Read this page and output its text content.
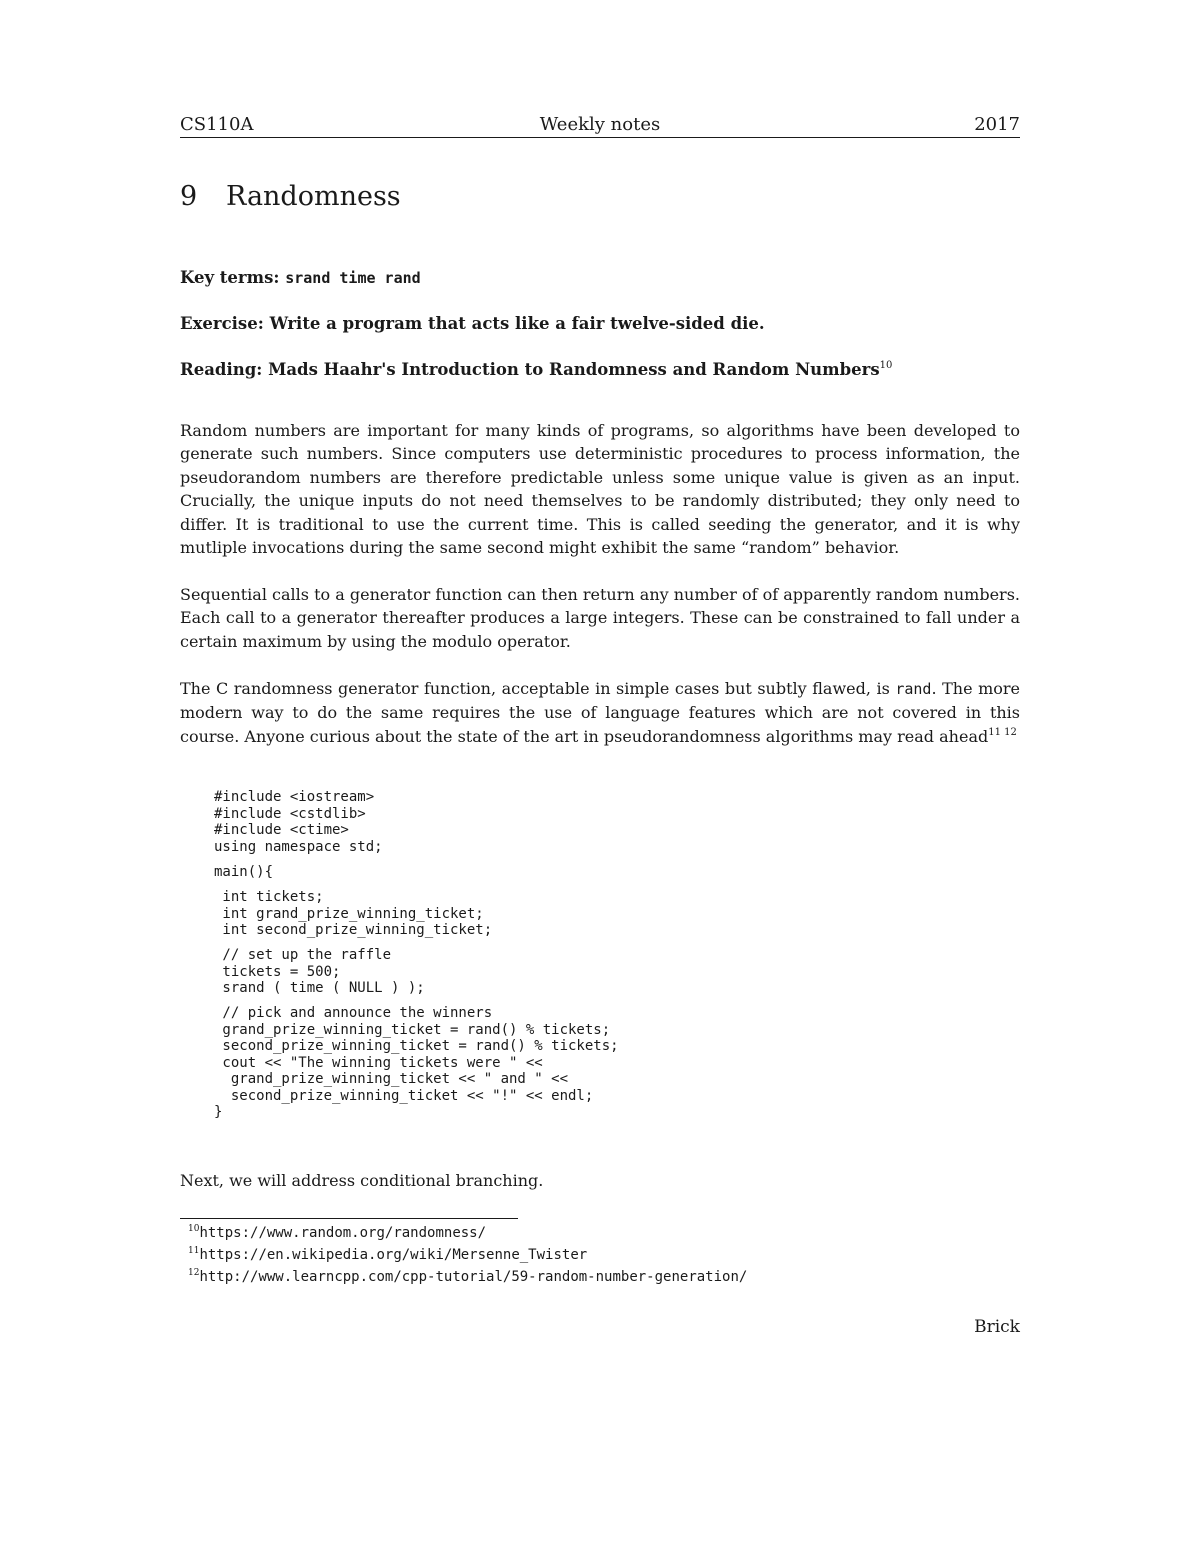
CS110A	Weekly notes	2017
9 Randomness

Key terms: srand time rand

Exercise: Write a program that acts like a fair twelve-sided die.

Reading: Mads Haahr's Introduction to Randomness and Random Numbers$^{10}$

Random numbers are important for many kinds of programs, so algorithms have been developed to generate such numbers. Since computers use deterministic procedures to process information, the pseudorandom numbers are therefore predictable unless some unique value is given as an input. Crucially, the unique inputs do not need themselves to be randomly distributed; they only need to differ. It is traditional to use the current time. This is called seeding the generator, and it is why mutliple invocations during the same second might exhibit the same “random” behavior.

Sequential calls to a generator function can then return any number of of apparently random numbers. Each call to a generator thereafter produces a large integers. These can be constrained to fall under a certain maximum by using the modulo operator.

The C randomness generator function, acceptable in simple cases but subtly flawed, is rand. The more modern way to do the same requires the use of language features which are not covered in this course. Anyone curious about the state of the art in pseudorandomness algorithms may read ahead$^{11 12}$

#include <iostream>
#include <cstdlib>
#include <ctime>
using namespace std;
main(){
int tickets;
int grand_prize_winning_ticket;
int second_prize_winning_ticket;
// set up the raffle
tickets = 500;
srand ( time ( NULL ) );
// pick and announce the winners
grand_prize_winning_ticket = rand() % tickets;
second_prize_winning_ticket = rand() % tickets;
cout << "The winning tickets were " <<
grand_prize_winning_ticket << " and " <<
second_prize_winning_ticket << "!" << endl;
}

Next, we will address conditional branching.

$^{10}$https://www.random.org/randomness/
$^{11}$https://en.wikipedia.org/wiki/Mersenne_Twister
$^{12}$http://www.learncpp.com/cpp-tutorial/59-random-number-generation/
Brick
